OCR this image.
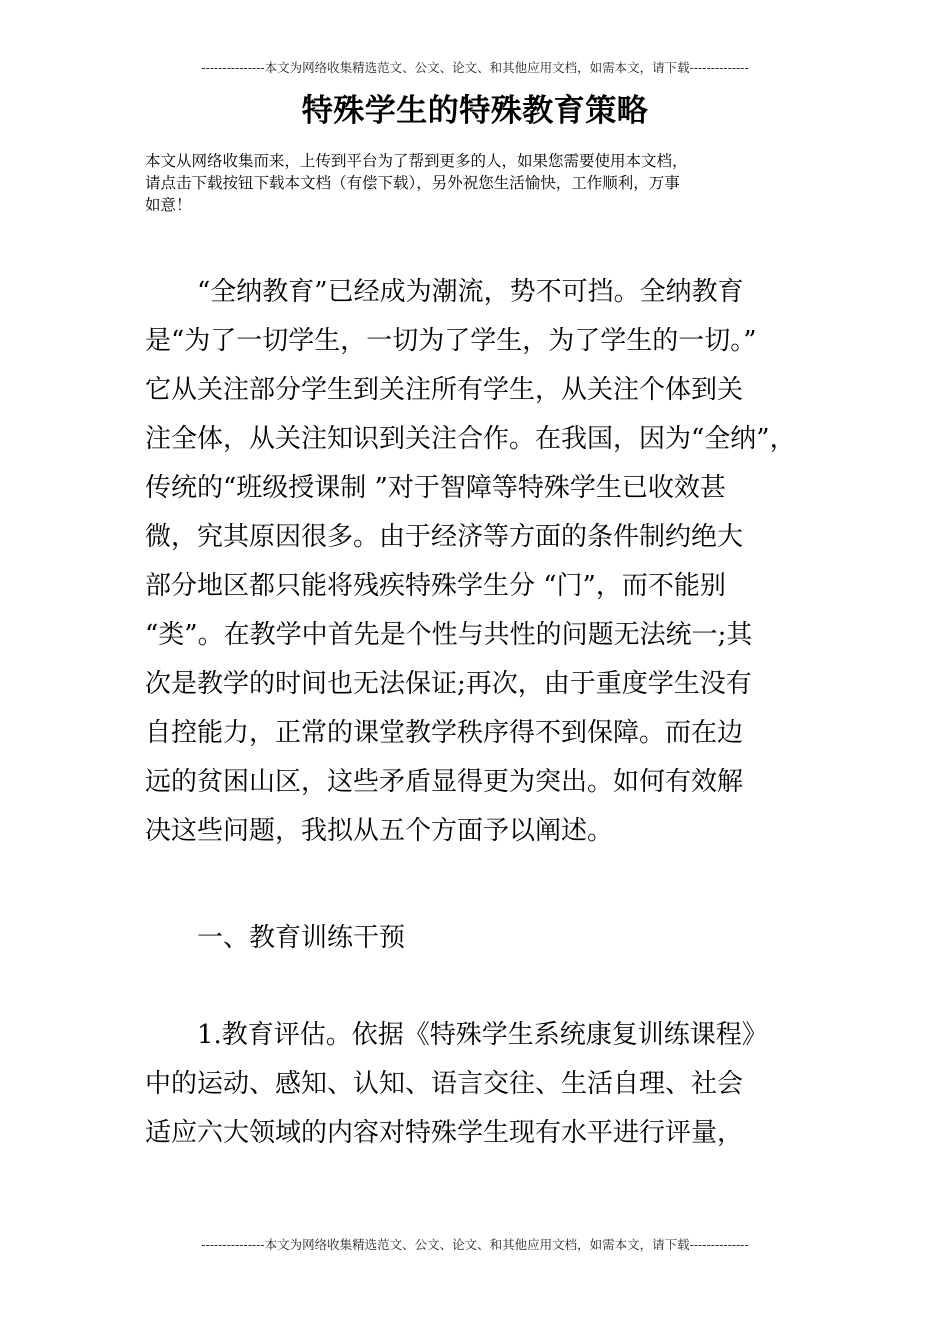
---------------本文为网络收集精选范文、公文、论文、和其他应用文档，如需本文，请下载--------------
特殊学生的特殊教育策略
本文从网络收集而来，上传到平台为了帮到更多的人，如果您需要使用本文档，
请点击下载按钮下载本文档（有偿下载），另外祝您生活愉快，工作顺利，万事
如意！
　　“全纳教育”已经成为潮流，势不可挡。全纳教育
是“为了一切学生，一切为了学生，为了学生的一切。”
它从关注部分学生到关注所有学生，从关注个体到关
注全体，从关注知识到关注合作。在我国，因为“全纳”，
传统的“班级授课制 ”对于智障等特殊学生已收效甚
微，究其原因很多。由于经济等方面的条件制约绝大
部分地区都只能将残疾特殊学生分 “门”，而不能别
“类”。在教学中首先是个性与共性的问题无法统一;其
次是教学的时间也无法保证;再次，由于重度学生没有
自控能力，正常的课堂教学秩序得不到保障。而在边
远的贫困山区，这些矛盾显得更为突出。如何有效解
决这些问题，我拟从五个方面予以阐述。
　　一、教育训练干预
　　1.教育评估。依据《特殊学生系统康复训练课程》
中的运动、感知、认知、语言交往、生活自理、社会
适应六大领域的内容对特殊学生现有水平进行评量，
---------------本文为网络收集精选范文、公文、论文、和其他应用文档，如需本文，请下载--------------
